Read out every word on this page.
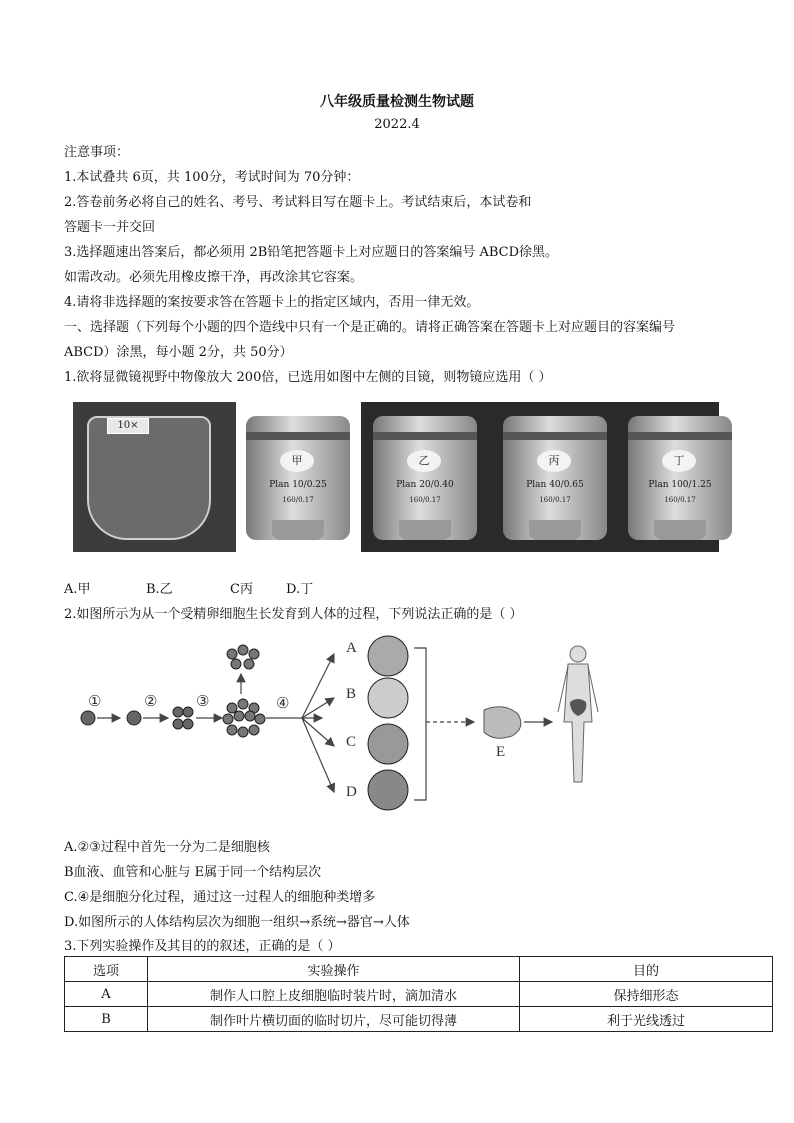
八年级质量检测生物试题
2022.4
注意事项：
1.本试叠共 6页，共 100分，考试时间为 70分钟：
2.答卷前务必将自己的姓名、考号、考试料目写在题卡上。考试结束后，本试卷和
答题卡一并交回
3.选择题速出答案后，都必须用 2B铅笔把答题卡上对应题日的答案编号 ABCD徐黑。
如需改动。必须先用橡皮擦干净，再改涂其它容案。
4.请将非选择题的案按要求答在答题卡上的指定区域内，否用一律无效。
一、选择题（下列每个小题的四个造线中只有一个是正确的。请将正确答案在答题卡上对应题目的容案编号
ABCD）涂黑，每小题 2分，共 50分）
1.欲将显微镜视野中物像放大 200倍，已选用如图中左侧的目镜，则物镜应选用（ ）
10×
甲
Plan 10/0.25
160/0.17
乙
Plan 20/0.40
160/0.17
丙
Plan 40/0.65
160/0.17
丁
Plan 100/1.25
160/0.17
A.甲	B.乙	C丙	D.丁
2.如图所示为从一个受精卵细胞生长发育到人体的过程，下列说法正确的是（ ）
①	②	③	④
A
B
C
D
E
A.②③过程中首先一分为二是细胞核
B血液、血管和心脏与 E属于同一个结构层次
C.④是细胞分化过程，通过这一过程人的细胞种类增多
D.如图所示的人体结构层次为细胞一组织→系统→器官→人体
3.下列实验操作及其目的的叙述，正确的是（ ）
选项	实验操作	目的
A	制作人口腔上皮细胞临时装片时，滴加清水	保持细形态
B	制作叶片横切面的临时切片，尽可能切得薄	利于光线透过
